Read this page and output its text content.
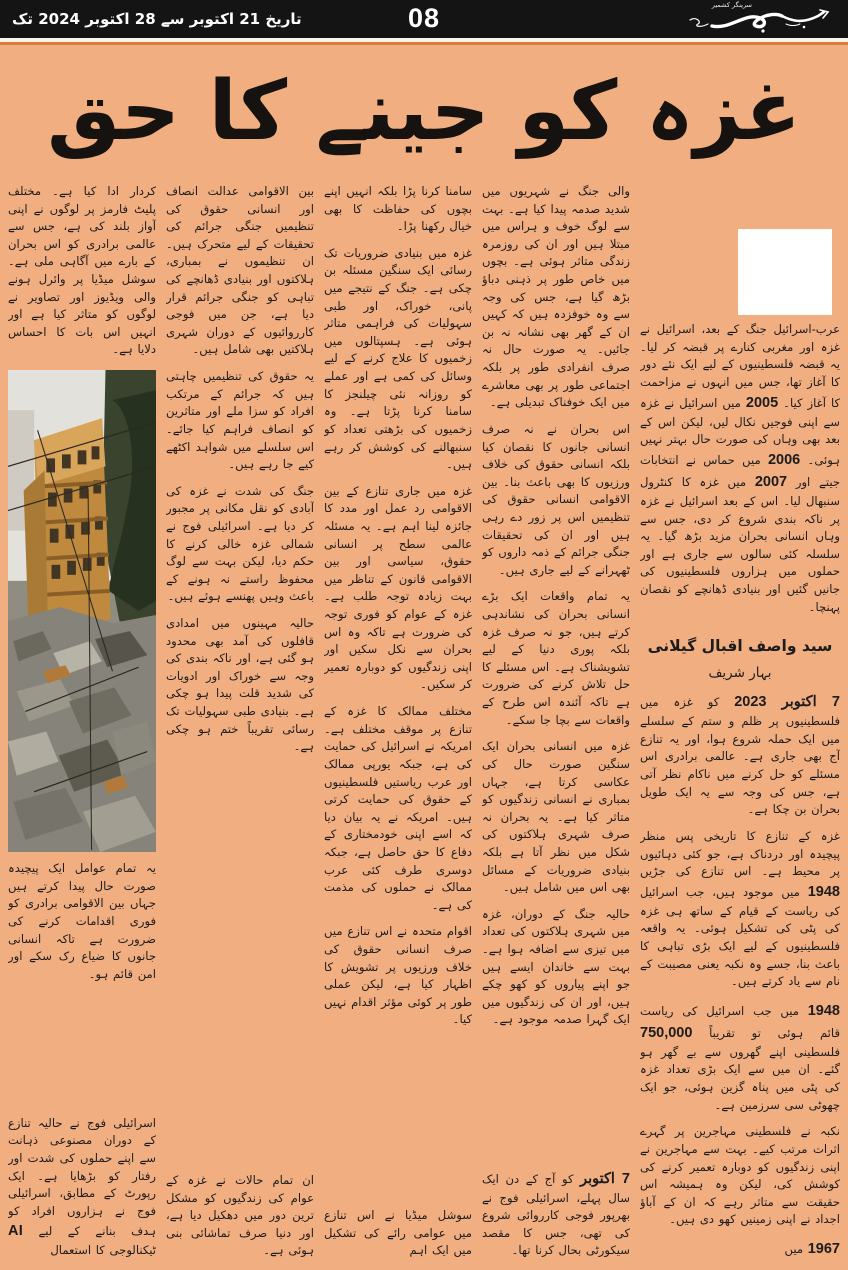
تاریخ 21 اکتوبر سے 28 اکتوبر 2024 تک	08	سرینگر کشمیر
غزہ کو جینے کا حق

عرب-اسرائیل جنگ کے بعد، اسرائیل نے غزہ اور مغربی کنارے پر قبضہ کر لیا۔ یہ قبضہ فلسطینیوں کے لیے ایک نئے دور کا آغاز تھا، جس میں انہوں نے مزاحمت کا آغاز کیا۔ 2005 میں اسرائیل نے غزہ سے اپنی فوجیں نکال لیں، لیکن اس کے بعد بھی وہاں کی صورت حال بہتر نہیں ہوئی۔ 2006 میں حماس نے انتخابات جیتے اور 2007 میں غزہ کا کنٹرول سنبھال لیا۔ اس کے بعد اسرائیل نے غزہ پر ناکہ بندی شروع کر دی، جس سے وہاں انسانی بحران مزید بڑھ گیا۔ یہ سلسلہ کئی سالوں سے جاری ہے اور حملوں میں ہزاروں فلسطینیوں کی جانیں گئیں اور بنیادی ڈھانچے کو نقصان پہنچا۔

سید واصف اقبال گیلانی
بہار شریف

7 اکتوبر 2023 کو غزہ میں فلسطینیوں پر ظلم و ستم کے سلسلے میں ایک حملہ شروع ہوا، اور یہ تنازع آج بھی جاری ہے۔ عالمی برادری اس مسئلے کو حل کرنے میں ناکام نظر آتی ہے، جس کی وجہ سے یہ ایک طویل بحران بن چکا ہے۔

غزہ کے تنازع کا تاریخی پس منظر پیچیدہ اور دردناک ہے، جو کئی دہائیوں پر محیط ہے۔ اس تنازع کی جڑیں 1948 میں موجود ہیں، جب اسرائیل کی ریاست کے قیام کے ساتھ ہی غزہ کی پٹی کی تشکیل ہوئی۔ یہ واقعہ فلسطینیوں کے لیے ایک بڑی تباہی کا باعث بنا، جسے وہ نکبہ یعنی مصیبت کے نام سے یاد کرتے ہیں۔

1948 میں جب اسرائیل کی ریاست قائم ہوئی تو تقریباً 750,000 فلسطینی اپنے گھروں سے بے گھر ہو گئے۔ ان میں سے ایک بڑی تعداد غزہ کی پٹی میں پناہ گزین ہوئی، جو ایک چھوٹی سی سرزمین ہے۔

نکبہ نے فلسطینی مہاجرین پر گہرے اثرات مرتب کیے۔ بہت سے مہاجرین نے اپنی زندگیوں کو دوبارہ تعمیر کرنے کی کوشش کی، لیکن وہ ہمیشہ اس حقیقت سے متاثر رہے کہ ان کے آباؤ اجداد نے اپنی زمینیں کھو دی ہیں۔

1967 میں

والی جنگ نے شہریوں میں شدید صدمہ پیدا کیا ہے۔ بہت سے لوگ خوف و ہراس میں مبتلا ہیں اور ان کی روزمرہ زندگی متاثر ہوئی ہے۔ بچوں میں خاص طور پر ذہنی دباؤ بڑھ گیا ہے، جس کی وجہ سے وہ خوفزدہ ہیں کہ کہیں ان کے گھر بھی نشانہ نہ بن جائیں۔ یہ صورت حال نہ صرف انفرادی طور پر بلکہ اجتماعی طور پر بھی معاشرے میں ایک خوفناک تبدیلی ہے۔

اس بحران نے نہ صرف انسانی جانوں کا نقصان کیا بلکہ انسانی حقوق کی خلاف ورزیوں کا بھی باعث بنا۔ بین الاقوامی انسانی حقوق کی تنظیمیں اس پر زور دے رہی ہیں اور ان کی تحقیقات جنگی جرائم کے ذمہ داروں کو ٹھہرانے کے لیے جاری ہیں۔

یہ تمام واقعات ایک بڑے انسانی بحران کی نشاندہی کرتے ہیں، جو نہ صرف غزہ بلکہ پوری دنیا کے لیے تشویشناک ہے۔ اس مسئلے کا حل تلاش کرنے کی ضرورت ہے تاکہ آئندہ اس طرح کے واقعات سے بچا جا سکے۔

غزہ میں انسانی بحران ایک سنگین صورت حال کی عکاسی کرتا ہے، جہاں بمباری نے انسانی زندگیوں کو متاثر کیا ہے۔ یہ بحران نہ صرف شہری ہلاکتوں کی شکل میں نظر آتا ہے بلکہ بنیادی ضروریات کے مسائل بھی اس میں شامل ہیں۔

حالیہ جنگ کے دوران، غزہ میں شہری ہلاکتوں کی تعداد میں تیزی سے اضافہ ہوا ہے۔ بہت سے خاندان ایسے ہیں جو اپنے پیاروں کو کھو چکے ہیں، اور ان کی زندگیوں میں ایک گہرا صدمہ موجود ہے۔

7 اکتوبر کو آج کے دن ایک سال پہلے، اسرائیلی فوج نے بھرپور فوجی کارروائی شروع کی تھی، جس کا مقصد سیکورٹی بحال کرنا تھا۔

سامنا کرنا پڑا بلکہ انہیں اپنے بچوں کی حفاظت کا بھی خیال رکھنا پڑا۔

غزہ میں بنیادی ضروریات تک رسائی ایک سنگین مسئلہ بن چکی ہے۔ جنگ کے نتیجے میں پانی، خوراک، اور طبی سہولیات کی فراہمی متاثر ہوئی ہے۔ ہسپتالوں میں زخمیوں کا علاج کرنے کے لیے وسائل کی کمی ہے اور عملے کو روزانہ نئی چیلنجز کا سامنا کرنا پڑتا ہے۔ وہ زخمیوں کی بڑھتی تعداد کو سنبھالنے کی کوشش کر رہے ہیں۔

غزہ میں جاری تنازع کے بین الاقوامی رد عمل اور مدد کا جائزہ لینا اہم ہے۔ یہ مسئلہ عالمی سطح پر انسانی حقوق، سیاسی اور بین الاقوامی قانون کے تناظر میں بہت زیادہ توجہ طلب ہے۔ غزہ کے عوام کو فوری توجہ کی ضرورت ہے تاکہ وہ اس بحران سے نکل سکیں اور اپنی زندگیوں کو دوبارہ تعمیر کر سکیں۔

مختلف ممالک کا غزہ کے تنازع پر موقف مختلف ہے۔ امریکہ نے اسرائیل کی حمایت کی ہے، جبکہ یورپی ممالک اور عرب ریاستیں فلسطینیوں کے حقوق کی حمایت کرتی ہیں۔ امریکہ نے یہ بیان دیا کہ اسے اپنی خودمختاری کے دفاع کا حق حاصل ہے، جبکہ دوسری طرف کئی عرب ممالک نے حملوں کی مذمت کی ہے۔

اقوام متحدہ نے اس تنازع میں صرف انسانی حقوق کی خلاف ورزیوں پر تشویش کا اظہار کیا ہے، لیکن عملی طور پر کوئی مؤثر اقدام نہیں کیا۔

سوشل میڈیا نے اس تنازع میں عوامی رائے کی تشکیل میں ایک اہم

بین الاقوامی عدالت انصاف اور انسانی حقوق کی تنظیمیں جنگی جرائم کی تحقیقات کے لیے متحرک ہیں۔ ان تنظیموں نے بمباری، ہلاکتوں اور بنیادی ڈھانچے کی تباہی کو جنگی جرائم قرار دیا ہے، جن میں فوجی کارروائیوں کے دوران شہری ہلاکتیں بھی شامل ہیں۔

یہ حقوق کی تنظیمیں چاہتی ہیں کہ جرائم کے مرتکب افراد کو سزا ملے اور متاثرین کو انصاف فراہم کیا جائے۔ اس سلسلے میں شواہد اکٹھے کیے جا رہے ہیں۔

جنگ کی شدت نے غزہ کی آبادی کو نقل مکانی پر مجبور کر دیا ہے۔ اسرائیلی فوج نے شمالی غزہ خالی کرنے کا حکم دیا، لیکن بہت سے لوگ محفوظ راستے نہ ہونے کے باعث وہیں پھنسے ہوئے ہیں۔

حالیہ مہینوں میں امدادی قافلوں کی آمد بھی محدود ہو گئی ہے، اور ناکہ بندی کی وجہ سے خوراک اور ادویات کی شدید قلت پیدا ہو چکی ہے۔ بنیادی طبی سہولیات تک رسائی تقریباً ختم ہو چکی ہے۔

ان تمام حالات نے غزہ کے عوام کی زندگیوں کو مشکل ترین دور میں دھکیل دیا ہے، اور دنیا صرف تماشائی بنی ہوئی ہے۔

کردار ادا کیا ہے۔ مختلف پلیٹ فارمز پر لوگوں نے اپنی آواز بلند کی ہے، جس سے عالمی برادری کو اس بحران کے بارے میں آگاہی ملی ہے۔ سوشل میڈیا پر وائرل ہونے والی ویڈیوز اور تصاویر نے لوگوں کو متاثر کیا ہے اور انہیں اس بات کا احساس دلایا ہے۔

یہ تمام عوامل ایک پیچیدہ صورت حال پیدا کرتے ہیں جہاں بین الاقوامی برادری کو فوری اقدامات کرنے کی ضرورت ہے تاکہ انسانی جانوں کا ضیاع رک سکے اور امن قائم ہو۔

اسرائیلی فوج نے حالیہ تنازع کے دوران مصنوعی ذہانت سے اپنے حملوں کی شدت اور رفتار کو بڑھایا ہے۔ ایک رپورٹ کے مطابق، اسرائیلی فوج نے ہزاروں افراد کو ہدف بنانے کے لیے AI ٹیکنالوجی کا استعمال
